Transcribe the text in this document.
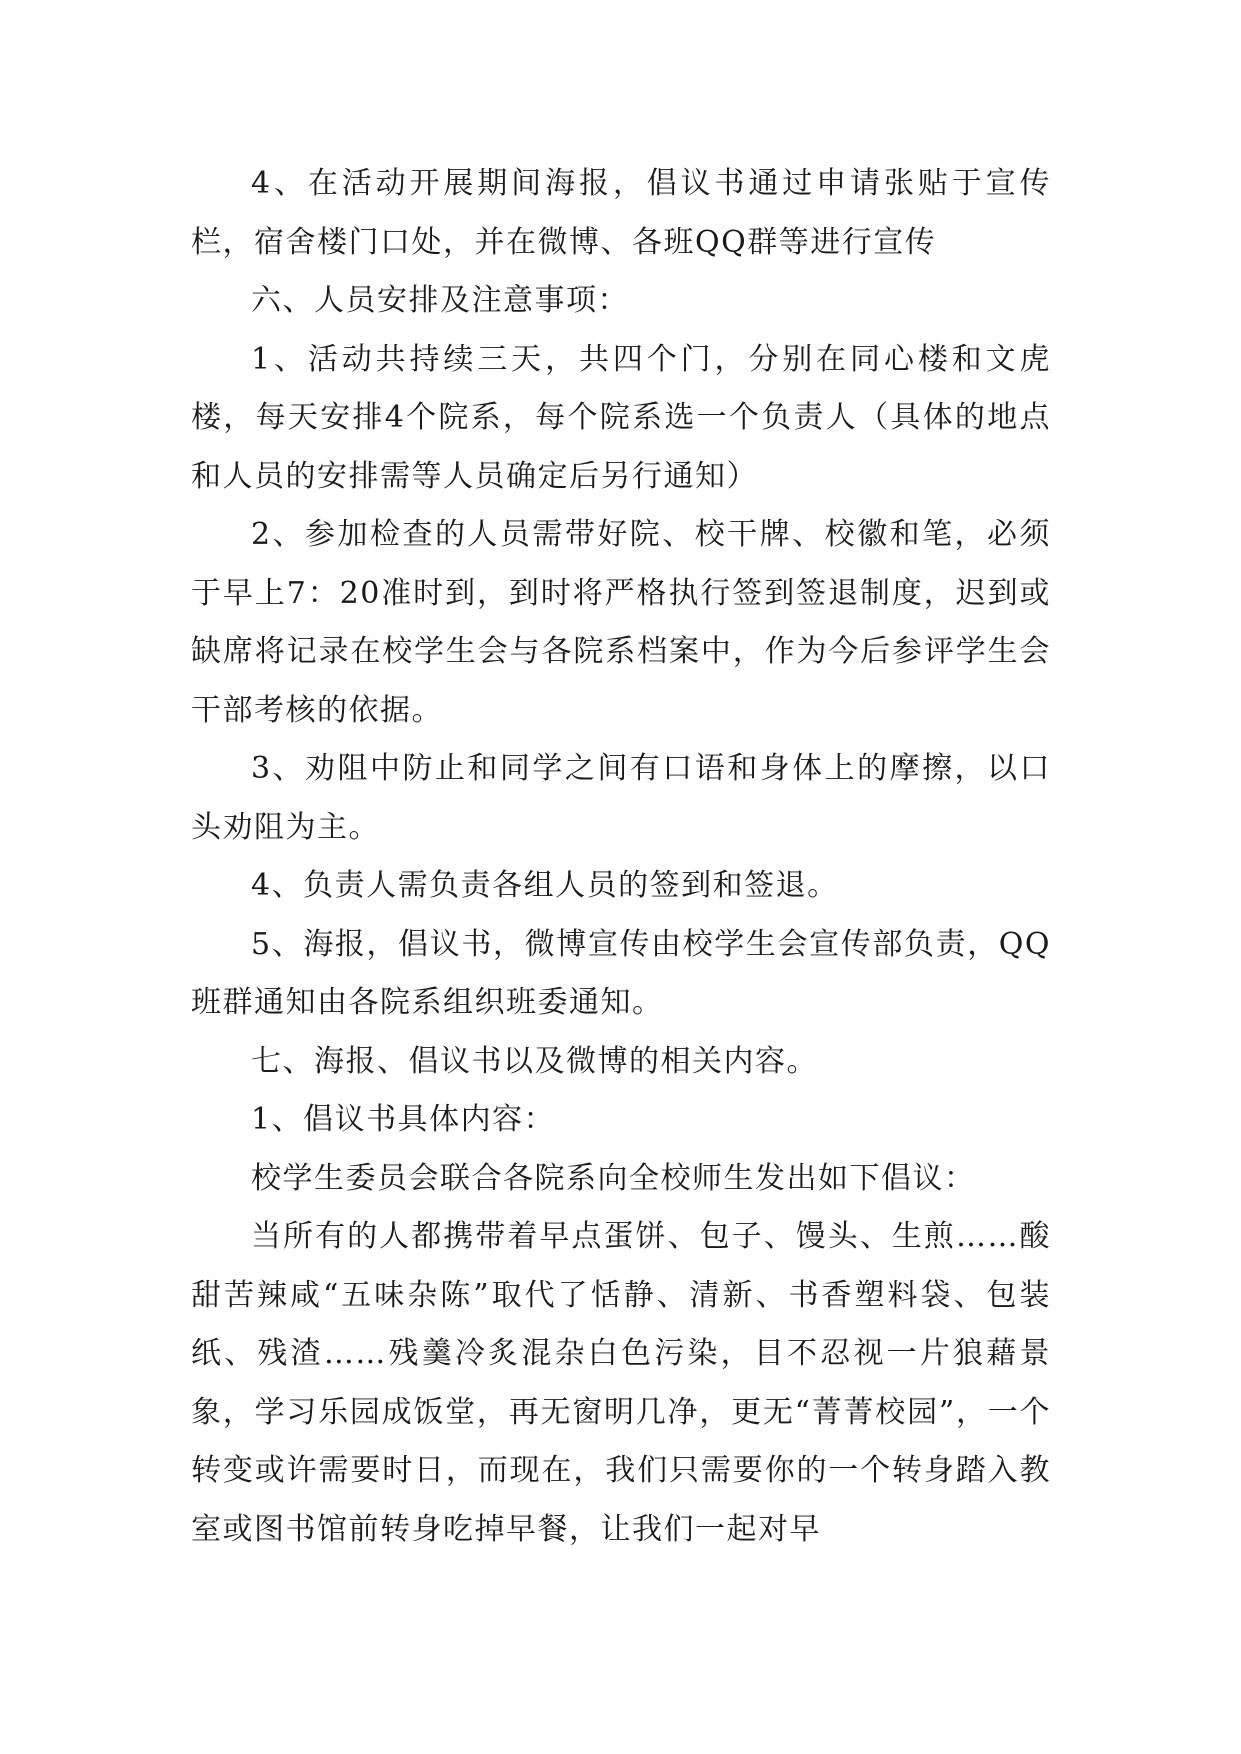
4、在活动开展期间海报，倡议书通过申请张贴于宣传栏，宿舍楼门口处，并在微博、各班QQ群等进行宣传

六、人员安排及注意事项：

1、活动共持续三天，共四个门，分别在同心楼和文虎楼，每天安排4个院系，每个院系选一个负责人（具体的地点和人员的安排需等人员确定后另行通知）

2、参加检查的人员需带好院、校干牌、校徽和笔，必须于早上7：20准时到，到时将严格执行签到签退制度，迟到或缺席将记录在校学生会与各院系档案中，作为今后参评学生会干部考核的依据。

3、劝阻中防止和同学之间有口语和身体上的摩擦，以口头劝阻为主。

4、负责人需负责各组人员的签到和签退。

5、海报，倡议书，微博宣传由校学生会宣传部负责，QQ班群通知由各院系组织班委通知。

七、海报、倡议书以及微博的相关内容。

1、倡议书具体内容：

校学生委员会联合各院系向全校师生发出如下倡议：

当所有的人都携带着早点蛋饼、包子、馒头、生煎……酸甜苦辣咸“五味杂陈”取代了恬静、清新、书香塑料袋、包装纸、残渣……残羹冷炙混杂白色污染，目不忍视一片狼藉景象，学习乐园成饭堂，再无窗明几净，更无“菁菁校园”，一个转变或许需要时日，而现在，我们只需要你的一个转身踏入教室或图书馆前转身吃掉早餐，让我们一起对早
